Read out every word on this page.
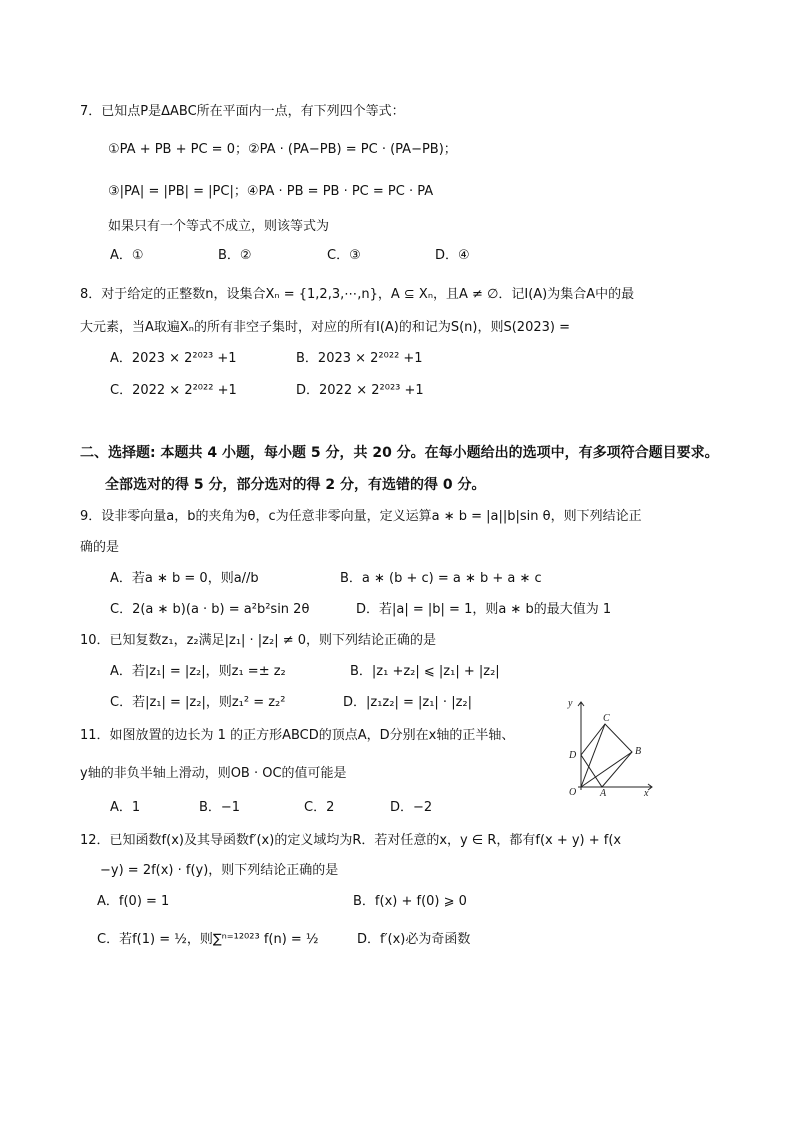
7．已知点P是ΔABC所在平面内一点，有下列四个等式：
①PA + PB + PC = 0；②PA · (PA−PB) = PC · (PA−PB)；
③|PA| = |PB| = |PC|；④PA · PB = PB · PC = PC · PA
如果只有一个等式不成立，则该等式为
A．①	B．②	C．③	D．④
8．对于给定的正整数n，设集合Xₙ = {1,2,3,⋯,n}，A ⊆ Xₙ，且A ≠ ∅．记I(A)为集合A中的最
大元素，当A取遍Xₙ的所有非空子集时，对应的所有I(A)的和记为S(n)，则S(2023) =
A．2023 × 2²⁰²³ +1	B．2023 × 2²⁰²² +1
C．2022 × 2²⁰²² +1	D．2022 × 2²⁰²³ +1
二、选择题: 本题共 4 小题，每小题 5 分，共 20 分。在每小题给出的选项中，有多项符合题目要求。
全部选对的得 5 分，部分选对的得 2 分，有选错的得 0 分。
9．设非零向量a，b的夹角为θ，c为任意非零向量，定义运算a ∗ b = |a||b|sin θ，则下列结论正
确的是
A．若a ∗ b = 0，则a//b	B．a ∗ (b + c) = a ∗ b + a ∗ c
C．2(a ∗ b)(a · b) = a²b²sin 2θ	D．若|a| = |b| = 1，则a ∗ b的最大值为 1
10．已知复数z₁，z₂满足|z₁| · |z₂| ≠ 0，则下列结论正确的是
A．若|z₁| = |z₂|，则z₁ =± z₂	B．|z₁ +z₂| ⩽ |z₁| + |z₂|
C．若|z₁| = |z₂|，则z₁² = z₂²	D．|z₁z₂| = |z₁| · |z₂|
11．如图放置的边长为 1 的正方形ABCD的顶点A，D分别在x轴的正半轴、
y轴的非负半轴上滑动，则OB · OC的值可能是
A．1	B．−1	C．2	D．−2
y
x
O A
B
C
D
12．已知函数f(x)及其导函数f′(x)的定义域均为R．若对任意的x，y ∈ R，都有f(x + y) + f(x
−y) = 2f(x) · f(y)，则下列结论正确的是
A．f(0) = 1	B．f(x) + f(0) ⩾ 0
C．若f(1) = ½，则∑ⁿ⁼¹²⁰²³ f(n) = ½	D．f′(x)必为奇函数
